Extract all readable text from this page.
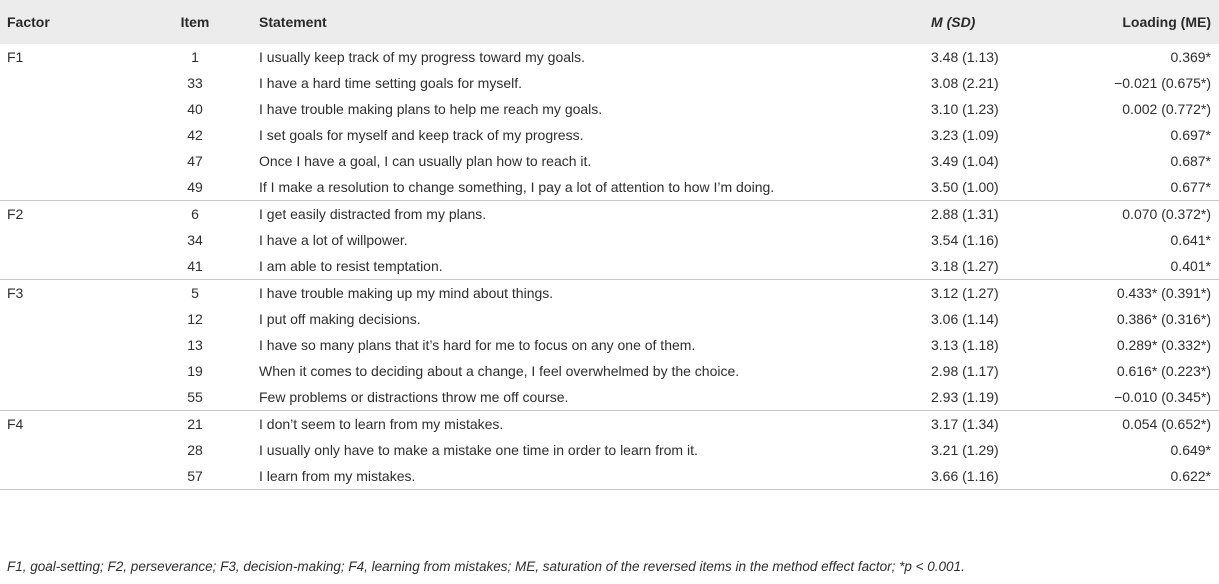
Factor	Item	Statement	M (SD)	Loading (ME)
F1	1	I usually keep track of my progress toward my goals.	3.48 (1.13)	0.369*
	33	I have a hard time setting goals for myself.	3.08 (2.21)	−0.021 (0.675*)
	40	I have trouble making plans to help me reach my goals.	3.10 (1.23)	0.002 (0.772*)
	42	I set goals for myself and keep track of my progress.	3.23 (1.09)	0.697*
	47	Once I have a goal, I can usually plan how to reach it.	3.49 (1.04)	0.687*
	49	If I make a resolution to change something, I pay a lot of attention to how I’m doing.	3.50 (1.00)	0.677*
F2	6	I get easily distracted from my plans.	2.88 (1.31)	0.070 (0.372*)
	34	I have a lot of willpower.	3.54 (1.16)	0.641*
	41	I am able to resist temptation.	3.18 (1.27)	0.401*
F3	5	I have trouble making up my mind about things.	3.12 (1.27)	0.433* (0.391*)
	12	I put off making decisions.	3.06 (1.14)	0.386* (0.316*)
	13	I have so many plans that it’s hard for me to focus on any one of them.	3.13 (1.18)	0.289* (0.332*)
	19	When it comes to deciding about a change, I feel overwhelmed by the choice.	2.98 (1.17)	0.616* (0.223*)
	55	Few problems or distractions throw me off course.	2.93 (1.19)	−0.010 (0.345*)
F4	21	I don’t seem to learn from my mistakes.	3.17 (1.34)	0.054 (0.652*)
	28	I usually only have to make a mistake one time in order to learn from it.	3.21 (1.29)	0.649*
	57	I learn from my mistakes.	3.66 (1.16)	0.622*
F1, goal-setting; F2, perseverance; F3, decision-making; F4, learning from mistakes; ME, saturation of the reversed items in the method effect factor; *p < 0.001.
